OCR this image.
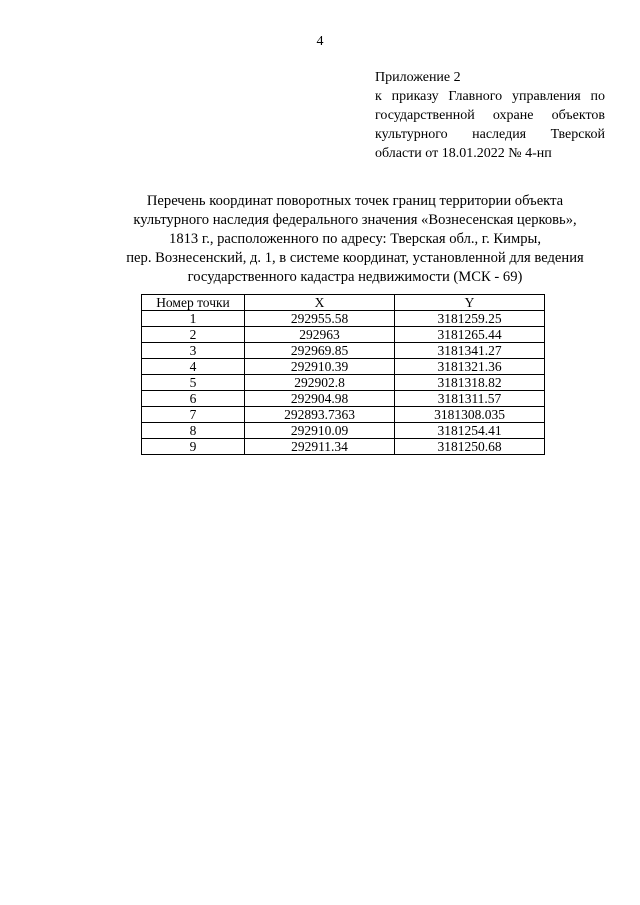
4
Приложение 2
к приказу Главного управления по
государственной охране объектов
культурного наследия Тверской
области от 18.01.2022 № 4-нп
Перечень координат поворотных точек границ территории объекта
культурного наследия федерального значения «Вознесенская церковь»,
1813 г., расположенного по адресу: Тверская обл., г. Кимры,
пер. Вознесенский, д. 1, в системе координат, установленной для ведения
государственного кадастра недвижимости (МСК - 69)
Номер точки	X	Y
1	292955.58	3181259.25
2	292963	3181265.44
3	292969.85	3181341.27
4	292910.39	3181321.36
5	292902.8	3181318.82
6	292904.98	3181311.57
7	292893.7363	3181308.035
8	292910.09	3181254.41
9	292911.34	3181250.68
